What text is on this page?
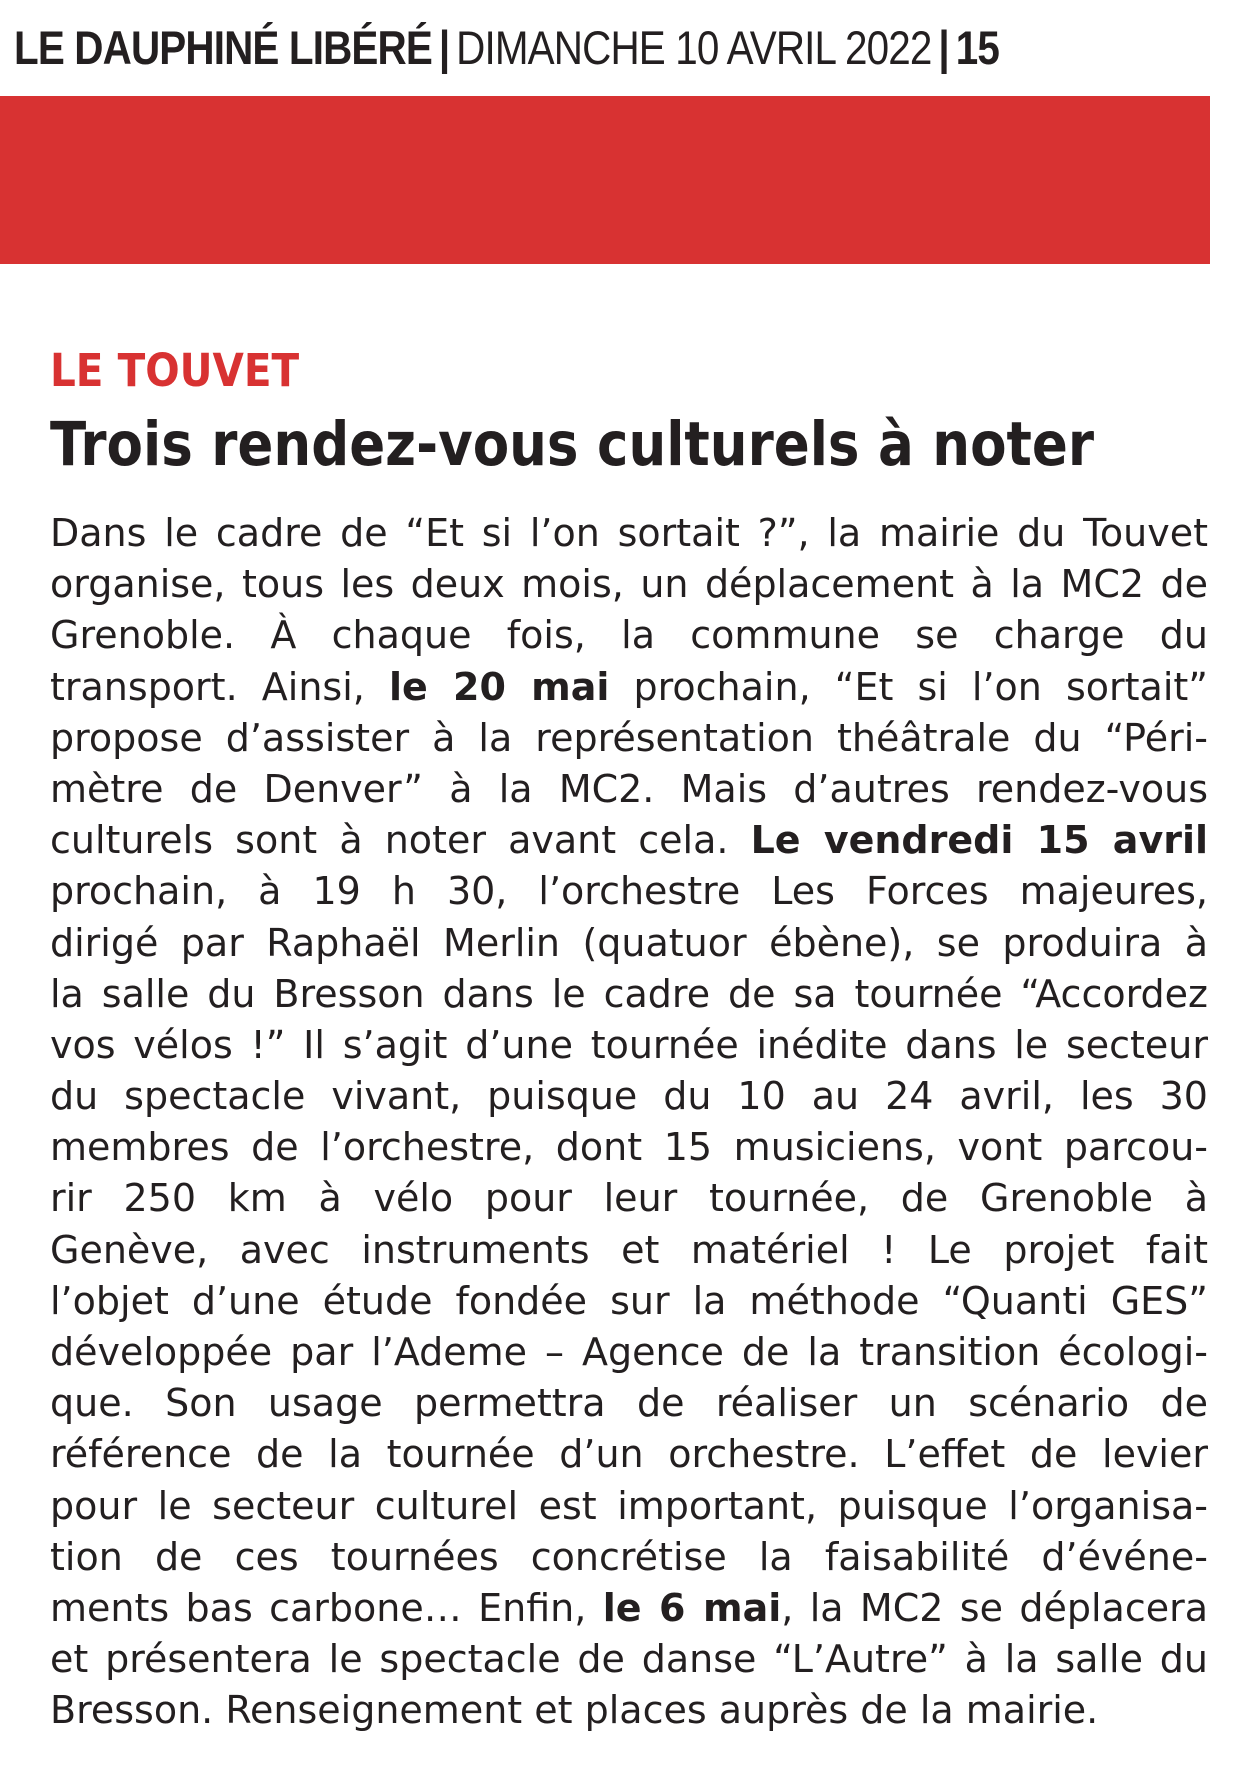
LE DAUPHINÉ LIBÉRÉ | DIMANCHE 10 AVRIL 2022 | 15
LE TOUVET
Trois rendez-vous culturels à noter
Dans le cadre de “Et si l’on sortait ?”, la mairie du Touvet
organise, tous les deux mois, un déplacement à la MC2 de
Grenoble. À chaque fois, la commune se charge du
transport. Ainsi, le 20 mai prochain, “Et si l’on sortait”
propose d’assister à la représentation théâtrale du “Péri-
mètre de Denver” à la MC2. Mais d’autres rendez-vous
culturels sont à noter avant cela. Le vendredi 15 avril
prochain, à 19 h 30, l’orchestre Les Forces majeures,
dirigé par Raphaël Merlin (quatuor ébène), se produira à
la salle du Bresson dans le cadre de sa tournée “Accordez
vos vélos !” Il s’agit d’une tournée inédite dans le secteur
du spectacle vivant, puisque du 10 au 24 avril, les 30
membres de l’orchestre, dont 15 musiciens, vont parcou-
rir 250 km à vélo pour leur tournée, de Grenoble à
Genève, avec instruments et matériel ! Le projet fait
l’objet d’une étude fondée sur la méthode “Quanti GES”
développée par l’Ademe – Agence de la transition écologi-
que. Son usage permettra de réaliser un scénario de
référence de la tournée d’un orchestre. L’effet de levier
pour le secteur culturel est important, puisque l’organisa-
tion de ces tournées concrétise la faisabilité d’événe-
ments bas carbone… Enfin, le 6 mai, la MC2 se déplacera
et présentera le spectacle de danse “L’Autre” à la salle du
Bresson. Renseignement et places auprès de la mairie.
